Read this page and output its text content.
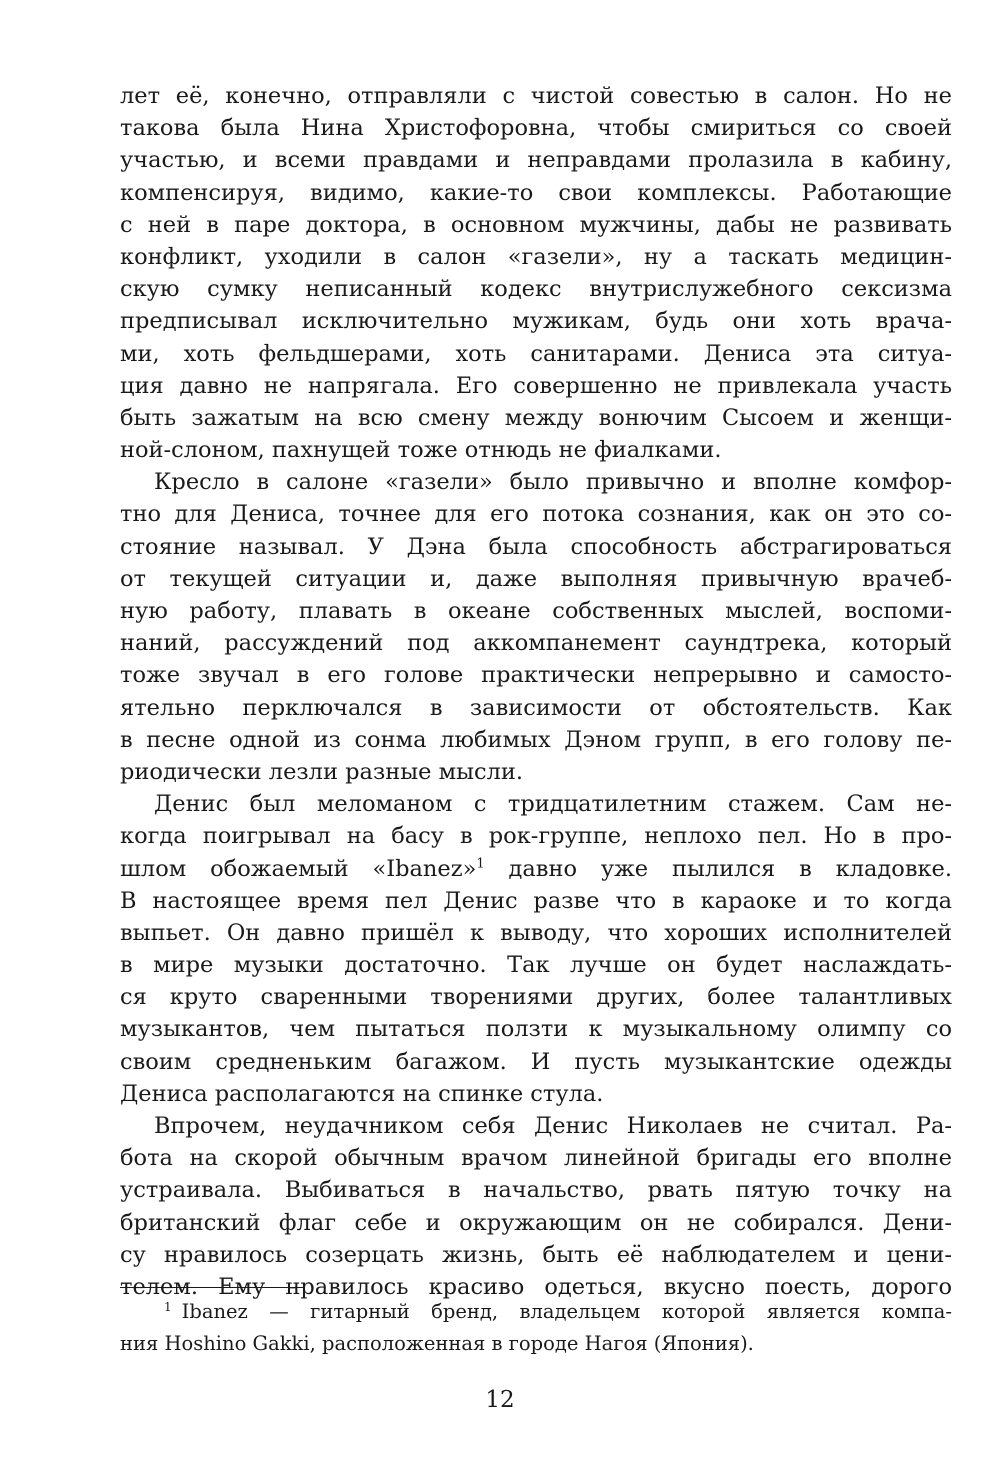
лет её, конечно, отправляли с чистой совестью в салон. Но не
такова была Нина Христофоровна, чтобы смириться со своей
участью, и всеми правдами и неправдами пролазила в кабину,
компенсируя, видимо, какие-то свои комплексы. Работающие
с ней в паре доктора, в основном мужчины, дабы не развивать
конфликт, уходили в салон «газели», ну а таскать медицин-
скую сумку неписанный кодекс внутрислужебного сексизма
предписывал исключительно мужикам, будь они хоть врача-
ми, хоть фельдшерами, хоть санитарами. Дениса эта ситуа-
ция давно не напрягала. Его совершенно не привлекала участь
быть зажатым на всю смену между вонючим Сысоем и женщи-
ной-слоном, пахнущей тоже отнюдь не фиалками.
Кресло в салоне «газели» было привычно и вполне комфор-
тно для Дениса, точнее для его потока сознания, как он это со-
стояние называл. У Дэна была способность абстрагироваться
от текущей ситуации и, даже выполняя привычную врачеб-
ную работу, плавать в океане собственных мыслей, воспоми-
наний, рассуждений под аккомпанемент саундтрека, который
тоже звучал в его голове практически непрерывно и самосто-
ятельно перключался в зависимости от обстоятельств. Как
в песне одной из сонма любимых Дэном групп, в его голову пе-
риодически лезли разные мысли.
Денис был меломаном с тридцатилетним стажем. Сам не-
когда поигрывал на басу в рок-группе, неплохо пел. Но в про-
шлом обожаемый «Ibanez»$^1$ давно уже пылился в кладовке.
В настоящее время пел Денис разве что в караоке и то когда
выпьет. Он давно пришёл к выводу, что хороших исполнителей
в мире музыки достаточно. Так лучше он будет наслаждать-
ся круто сваренными творениями других, более талантливых
музыкантов, чем пытаться ползти к музыкальному олимпу со
своим средненьким багажом. И пусть музыкантские одежды
Дениса располагаются на спинке стула.
Впрочем, неудачником себя Денис Николаев не считал. Ра-
бота на скорой обычным врачом линейной бригады его вполне
устраивала. Выбиваться в начальство, рвать пятую точку на
британский флаг себе и окружающим он не собирался. Дени-
су нравилось созерцать жизнь, быть её наблюдателем и цени-
телем. Ему нравилось красиво одеться, вкусно поесть, дорого
$^1$ Ibanez — гитарный бренд, владельцем которой является компа-
ния Hoshino Gakki, расположенная в городе Нагоя (Япония).
12
